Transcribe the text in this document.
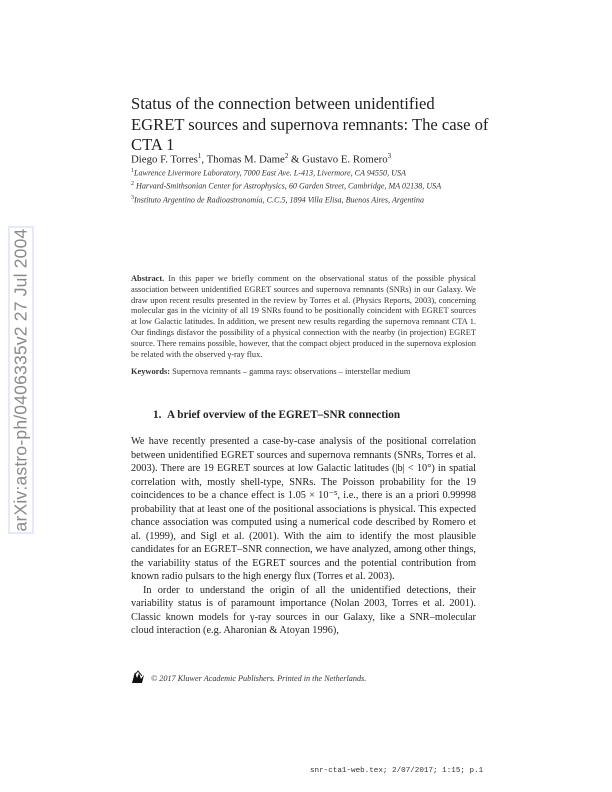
arXiv:astro-ph/0406335v2 27 Jul 2004
Status of the connection between unidentified EGRET sources and supernova remnants: The case of CTA 1
Diego F. Torres$^1$, Thomas M. Dame$^2$ & Gustavo E. Romero$^3$
$^1$Lawrence Livermore Laboratory, 7000 East Ave. L-413, Livermore, CA 94550, USA
$^2$ Harvard-Smithsonian Center for Astrophysics, 60 Garden Street, Cambridge, MA 02138, USA
$^3$Instituto Argentino de Radioastronomía, C.C.5, 1894 Villa Elisa, Buenos Aires, Argentina
Abstract. In this paper we briefly comment on the observational status of the possible physical association between unidentified EGRET sources and supernova remnants (SNRs) in our Galaxy. We draw upon recent results presented in the review by Torres et al. (Physics Reports, 2003), concerning molecular gas in the vicinity of all 19 SNRs found to be positionally coincident with EGRET sources at low Galactic latitudes. In addition, we present new results regarding the supernova remnant CTA 1. Our findings disfavor the possibility of a physical connection with the nearby (in projection) EGRET source. There remains possible, however, that the compact object produced in the supernova explosion be related with the observed γ-ray flux.
Keywords: Supernova remnants – gamma rays: observations – interstellar medium
1. A brief overview of the EGRET–SNR connection

We have recently presented a case-by-case analysis of the positional correlation between unidentified EGRET sources and supernova remnants (SNRs, Torres et al. 2003). There are 19 EGRET sources at low Galactic latitudes (|b| < 10°) in spatial correlation with, mostly shell-type, SNRs. The Poisson probability for the 19 coincidences to be a chance effect is 1.05 × 10⁻⁵, i.e., there is an a priori 0.99998 probability that at least one of the positional associations is physical. This expected chance association was computed using a numerical code described by Romero et al. (1999), and Sigl et al. (2001). With the aim to identify the most plausible candidates for an EGRET–SNR connection, we have analyzed, among other things, the variability status of the EGRET sources and the potential contribution from known radio pulsars to the high energy flux (Torres et al. 2003).

In order to understand the origin of all the unidentified detections, their variability status is of paramount importance (Nolan 2003, Torres et al. 2001). Classic known models for γ-ray sources in our Galaxy, like a SNR–molecular cloud interaction (e.g. Aharonian & Atoyan 1996),

© 2017 Kluwer Academic Publishers. Printed in the Netherlands.
snr-cta1-web.tex; 2/07/2017; 1:15; p.1
